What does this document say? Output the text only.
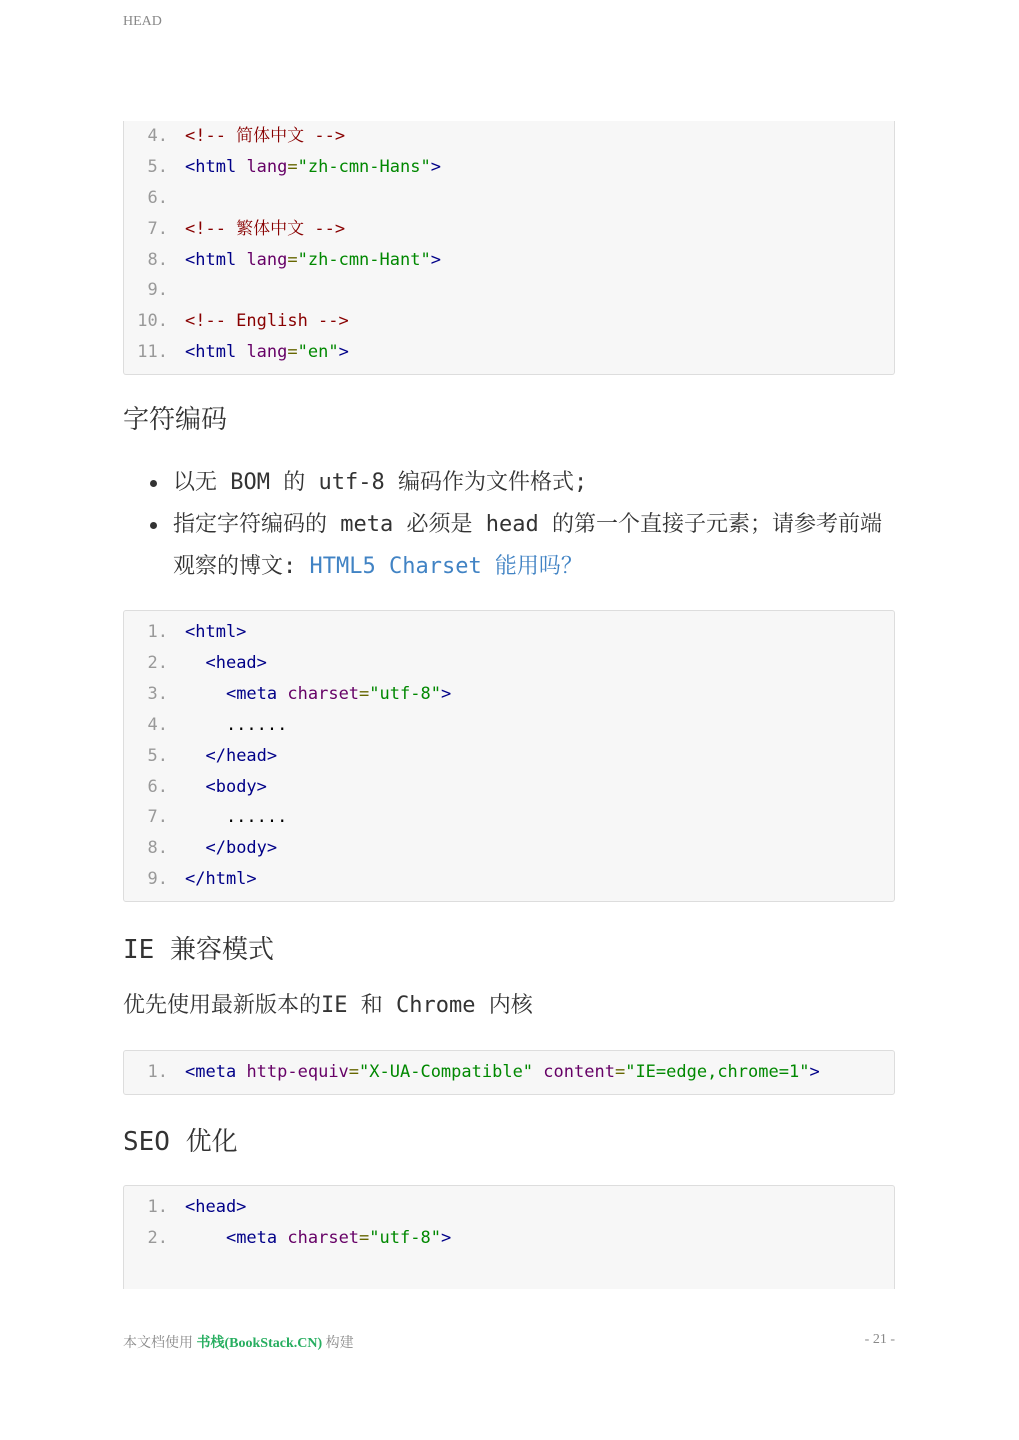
HEAD
4.	<!-- 简体中文 -->
5.	<html lang="zh-cmn-Hans">
6.
7.	<!-- 繁体中文 -->
8.	<html lang="zh-cmn-Hant">
9.
10.	<!-- English -->
11.	<html lang="en">
字符编码
以无 BOM 的 utf-8 编码作为文件格式;
指定字符编码的 meta 必须是 head 的第一个直接子元素；请参考前端观察的博文: HTML5 Charset 能用吗？
1.	<html>
2.	<head>
3.	<meta charset="utf-8">
4.	......
5.	</head>
6.	<body>
7.	......
8.	</body>
9.	</html>
IE 兼容模式

优先使用最新版本的IE 和 Chrome 内核

1.	<meta http-equiv="X-UA-Compatible" content="IE=edge,chrome=1">
SEO 优化
1.	<head>
2.	<meta charset="utf-8">
本文档使用 书栈(BookStack.CN) 构建	- 21 -
